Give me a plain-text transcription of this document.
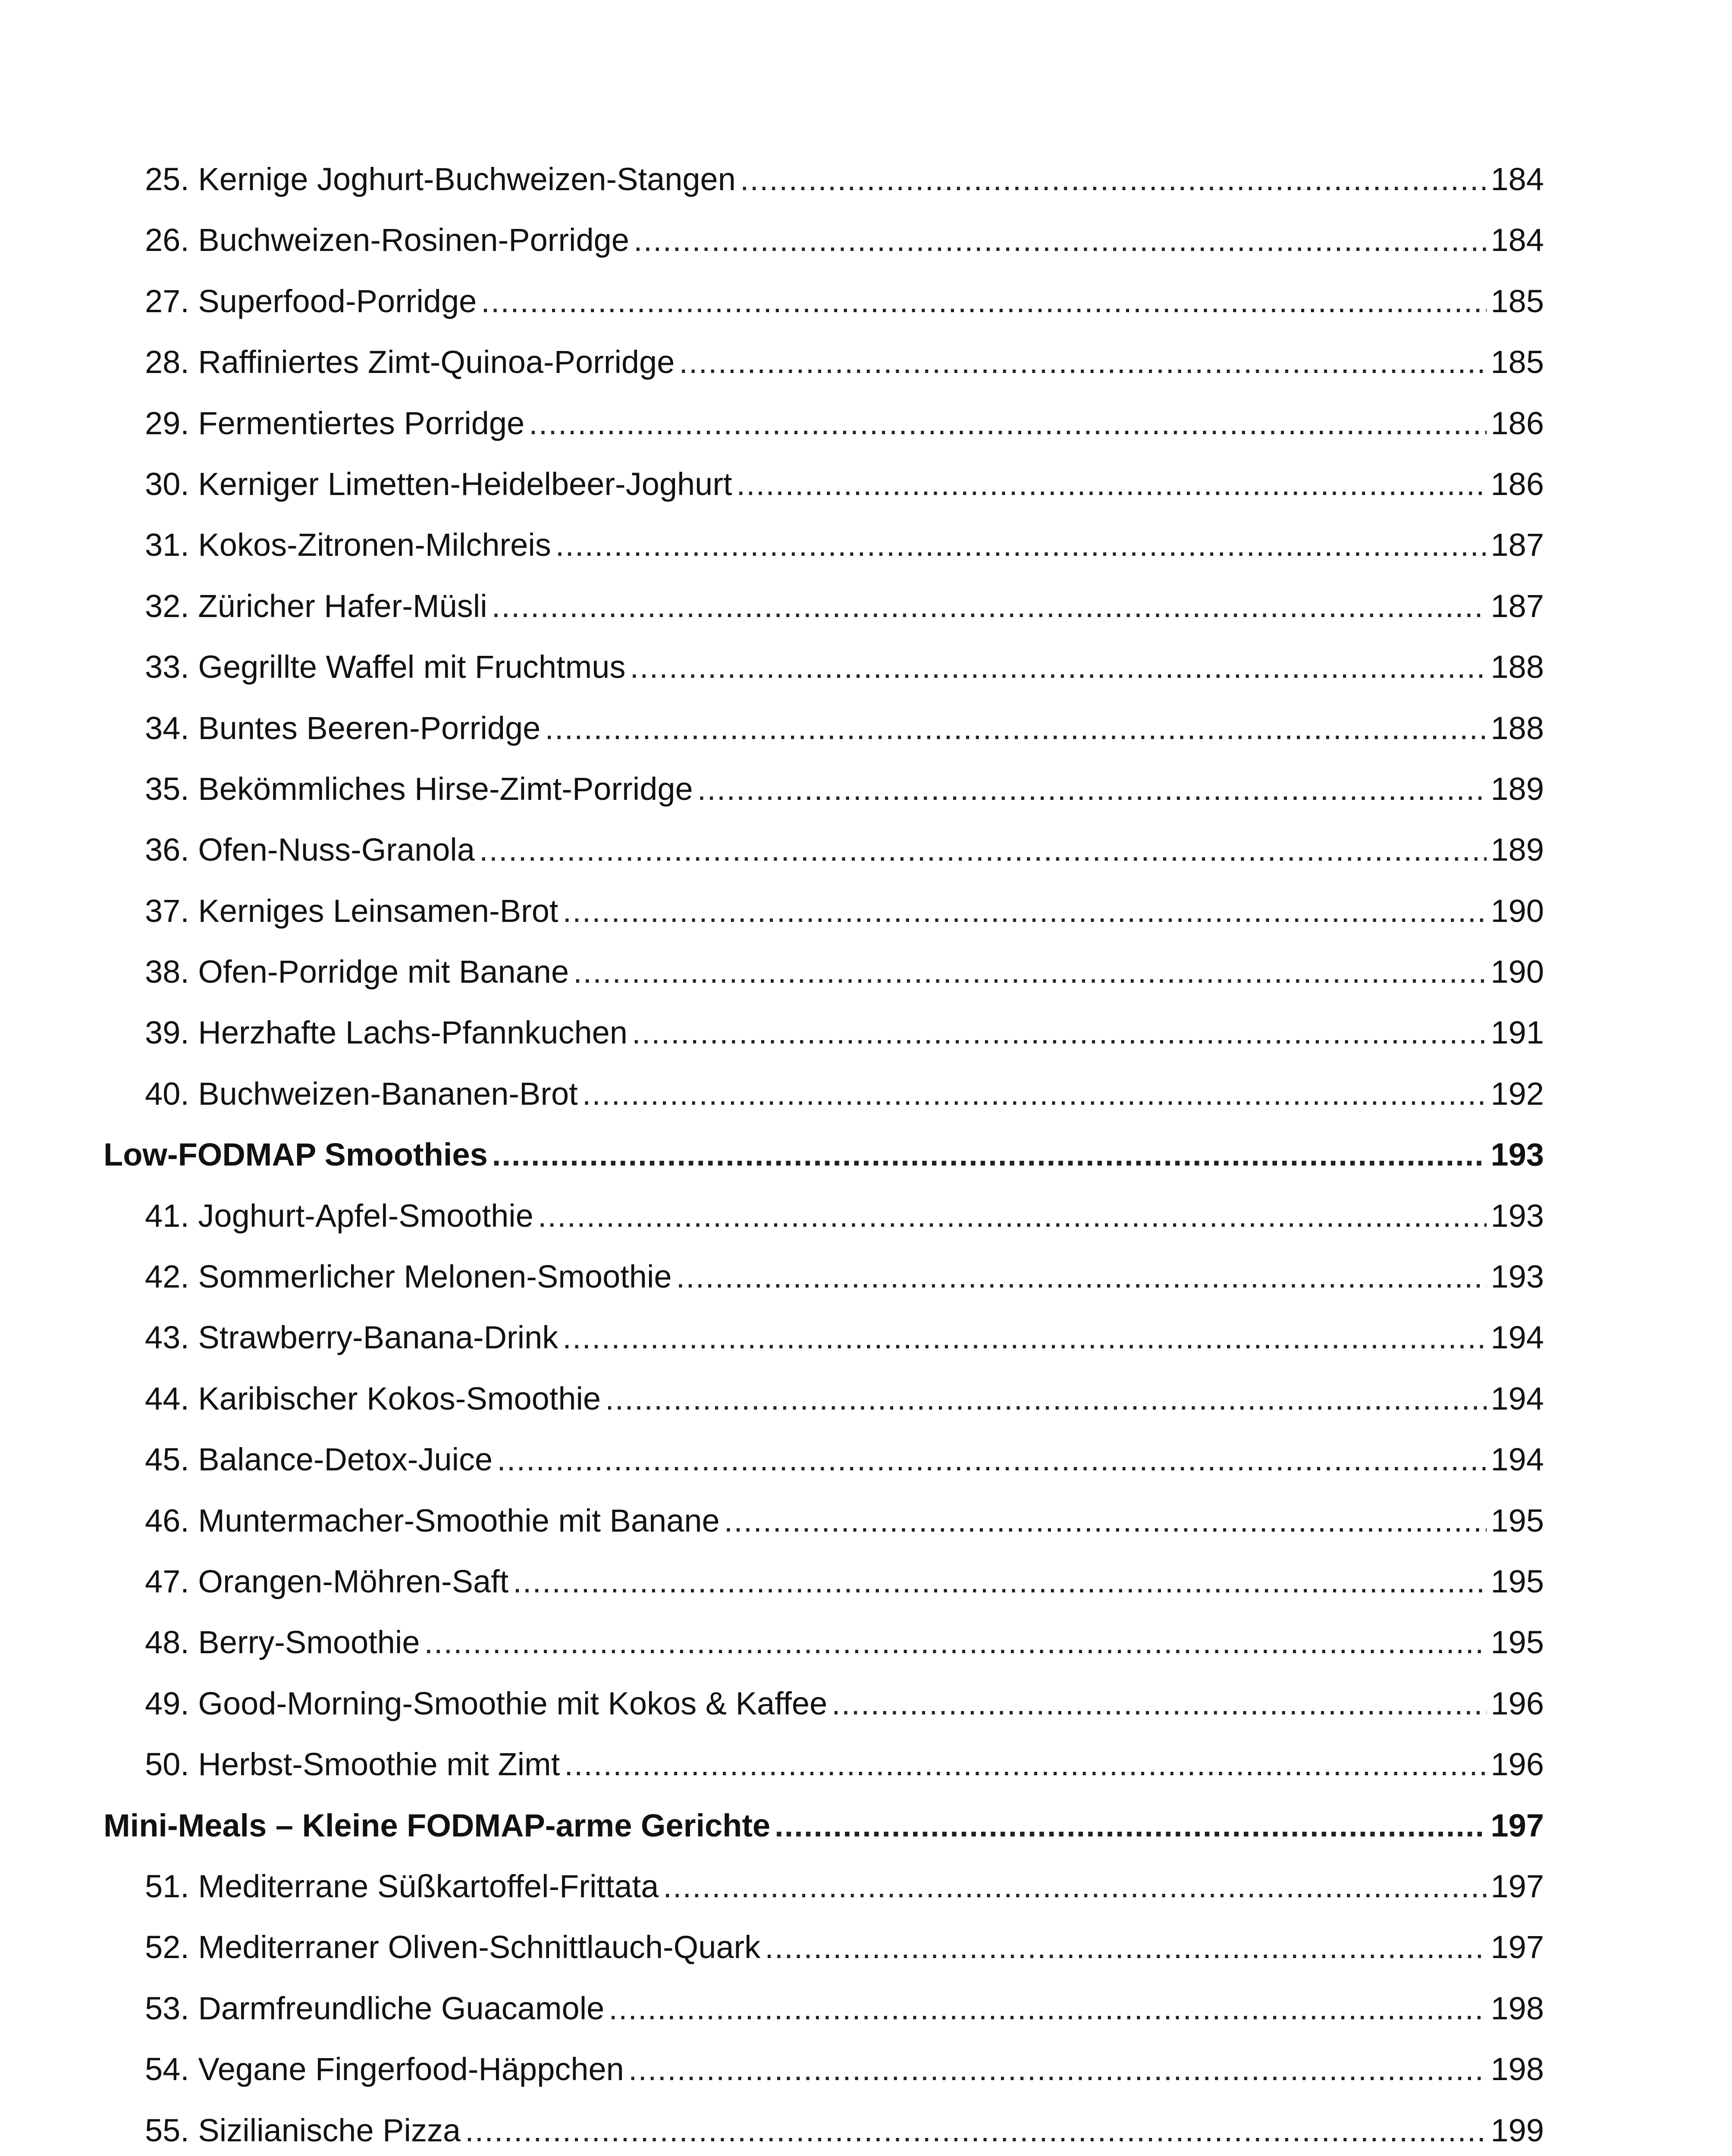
25. Kernige Joghurt-Buchweizen-Stangen .....	184
26. Buchweizen-Rosinen-Porridge .....	184
27. Superfood-Porridge .....	185
28. Raffiniertes Zimt-Quinoa-Porridge .....	185
29. Fermentiertes Porridge .....	186
30. Kerniger Limetten-Heidelbeer-Joghurt .....	186
31. Kokos-Zitronen-Milchreis .....	187
32. Züricher Hafer-Müsli .....	187
33. Gegrillte Waffel mit Fruchtmus .....	188
34. Buntes Beeren-Porridge .....	188
35. Bekömmliches Hirse-Zimt-Porridge .....	189
36. Ofen-Nuss-Granola .....	189
37. Kerniges Leinsamen-Brot .....	190
38. Ofen-Porridge mit Banane .....	190
39. Herzhafte Lachs-Pfannkuchen .....	191
40. Buchweizen-Bananen-Brot .....	192
Low-FODMAP Smoothies .....	193
41. Joghurt-Apfel-Smoothie .....	193
42. Sommerlicher Melonen-Smoothie .....	193
43. Strawberry-Banana-Drink .....	194
44. Karibischer Kokos-Smoothie .....	194
45. Balance-Detox-Juice .....	194
46. Muntermacher-Smoothie mit Banane .....	195
47. Orangen-Möhren-Saft .....	195
48. Berry-Smoothie .....	195
49. Good-Morning-Smoothie mit Kokos & Kaffee .....	196
50. Herbst-Smoothie mit Zimt .....	196
Mini-Meals – Kleine FODMAP-arme Gerichte .....	197
51. Mediterrane Süßkartoffel-Frittata .....	197
52. Mediterraner Oliven-Schnittlauch-Quark .....	197
53. Darmfreundliche Guacamole .....	198
54. Vegane Fingerfood-Häppchen .....	198
55. Sizilianische Pizza .....	199
